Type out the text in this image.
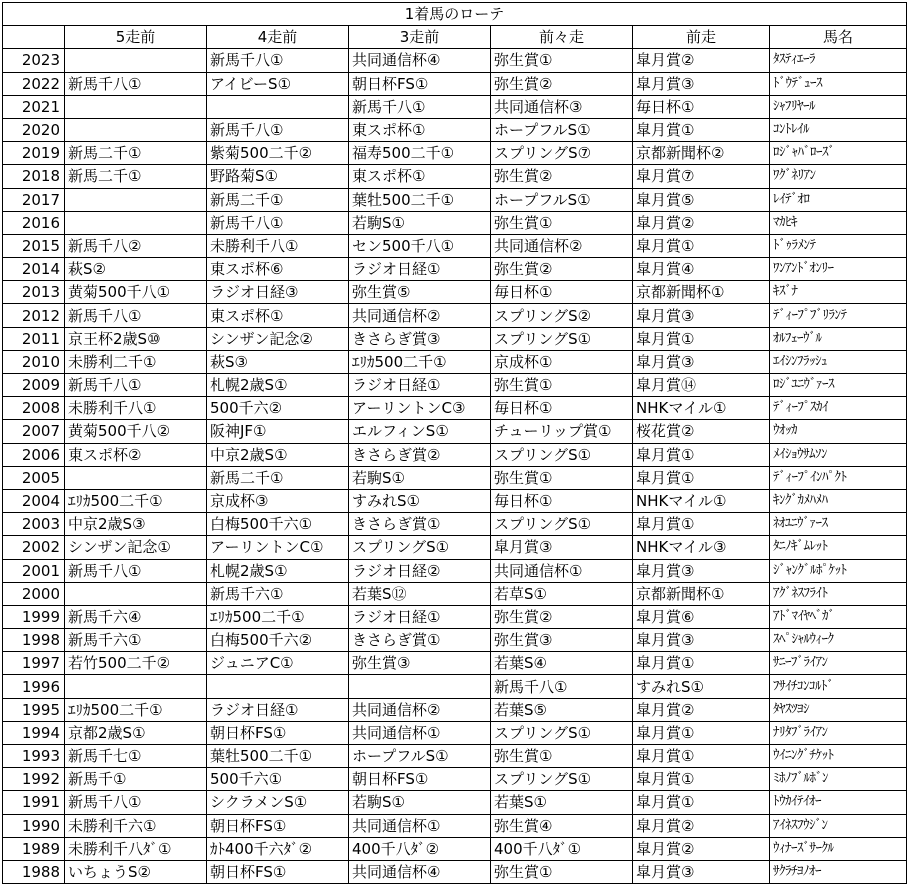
1着馬のローテ						
	5走前	4走前	3走前	前々走	前走	馬名
2023		新馬千八①	共同通信杯④	弥生賞①	皐月賞②	ﾀｽﾃｨｴｰﾗ
2022	新馬千八①	アイビーS①	朝日杯FS①	弥生賞②	皐月賞③	ﾄﾞｳﾃﾞｭｰｽ
2021			新馬千八①	共同通信杯③	毎日杯①	ｼｬﾌﾘﾔｰﾙ
2020		新馬千八①	東スポ杯①	ホープフルS①	皐月賞①	ｺﾝﾄﾚｲﾙ
2019	新馬二千①	紫菊500二千②	福寿500二千①	スプリングS⑦	京都新聞杯②	ﾛｼﾞｬﾊﾞﾛｰｽﾞ
2018	新馬二千①	野路菊S①	東スポ杯①	弥生賞②	皐月賞⑦	ﾜｸﾞﾈﾘｱﾝ
2017		新馬二千①	葉牡500二千①	ホープフルS①	皐月賞⑤	ﾚｲﾃﾞｵﾛ
2016		新馬千八①	若駒S①	弥生賞①	皐月賞②	ﾏｶﾋｷ
2015	新馬千八②	未勝利千八①	セン500千八①	共同通信杯②	皐月賞①	ﾄﾞｩﾗﾒﾝﾃ
2014	萩S②	東スポ杯⑥	ラジオ日経①	弥生賞②	皐月賞④	ﾜﾝｱﾝﾄﾞｵﾝﾘｰ
2013	黄菊500千八①	ラジオ日経③	弥生賞⑤	毎日杯①	京都新聞杯①	ｷｽﾞﾅ
2012	新馬千八①	東スポ杯①	共同通信杯②	スプリングS②	皐月賞③	ﾃﾞｨｰﾌﾟﾌﾞﾘﾗﾝﾃ
2011	京王杯2歳S⑩	シンザン記念②	きさらぎ賞③	スプリングS①	皐月賞①	ｵﾙﾌｪｰｳﾞﾙ
2010	未勝利二千①	萩S③	ｴﾘｶ500二千①	京成杯①	皐月賞③	ｴｲｼﾝﾌﾗｯｼｭ
2009	新馬千八①	札幌2歳S①	ラジオ日経①	弥生賞①	皐月賞⑭	ﾛｼﾞﾕﾆｳﾞｧｰｽ
2008	未勝利千八①	500千六②	アーリントンC③	毎日杯①	NHKマイル①	ﾃﾞｨｰﾌﾟｽｶｲ
2007	黄菊500千八②	阪神JF①	エルフィンS①	チューリップ賞①	桜花賞②	ｳｵｯｶ
2006	東スポ杯②	中京2歳S①	きさらぎ賞②	スプリングS①	皐月賞①	ﾒｲｼｮｳｻﾑｿﾝ
2005		新馬二千①	若駒S①	弥生賞①	皐月賞①	ﾃﾞｨｰﾌﾟｲﾝﾊﾟｸﾄ
2004	ｴﾘｶ500二千①	京成杯③	すみれS①	毎日杯①	NHKマイル①	ｷﾝｸﾞｶﾒﾊﾒﾊ
2003	中京2歳S③	白梅500千六①	きさらぎ賞①	スプリングS①	皐月賞①	ﾈｵﾕﾆｳﾞｧｰｽ
2002	シンザン記念①	アーリントンC①	スプリングS①	皐月賞③	NHKマイル③	ﾀﾆﾉｷﾞﾑﾚｯﾄ
2001	新馬千八①	札幌2歳S①	ラジオ日経②	共同通信杯①	皐月賞③	ｼﾞｬﾝｸﾞﾙﾎﾟｹｯﾄ
2000		新馬千六①	若葉S⑫	若草S①	京都新聞杯①	ｱｸﾞﾈｽﾌﾗｲﾄ
1999	新馬千六④	ｴﾘｶ500二千①	ラジオ日経①	弥生賞②	皐月賞⑥	ｱﾄﾞﾏｲﾔﾍﾞｶﾞ
1998	新馬千六①	白梅500千六②	きさらぎ賞①	弥生賞③	皐月賞③	ｽﾍﾟｼｬﾙｳｨｰｸ
1997	若竹500二千②	ジュニアC①	弥生賞③	若葉S④	皐月賞①	ｻﾆｰﾌﾞﾗｲｱﾝ
1996				新馬千八①	すみれS①	ﾌｻｲﾁｺﾝｺﾙﾄﾞ
1995	ｴﾘｶ500二千①	ラジオ日経①	共同通信杯②	若葉S⑤	皐月賞②	ﾀﾔｽﾂﾖｼ
1994	京都2歳S①	朝日杯FS①	共同通信杯①	スプリングS①	皐月賞①	ﾅﾘﾀﾌﾞﾗｲｱﾝ
1993	新馬千七①	葉牡500二千①	ホープフルS①	弥生賞①	皐月賞①	ｳｲﾆﾝｸﾞﾁｹｯﾄ
1992	新馬千①	500千六①	朝日杯FS①	スプリングS①	皐月賞①	ﾐﾎﾉﾌﾞﾙﾎﾞﾝ
1991	新馬千八①	シクラメンS①	若駒S①	若葉S①	皐月賞①	ﾄｳｶｲﾃｲｵｰ
1990	未勝利千六①	朝日杯FS①	共同通信杯①	弥生賞④	皐月賞②	ｱｲﾈｽﾌｳｼﾞﾝ
1989	未勝利千八ﾀﾞ①	ｶﾄ400千六ﾀﾞ②	400千八ﾀﾞ②	400千八ﾀﾞ①	皐月賞②	ｳｨﾅｰｽﾞｻｰｸﾙ
1988	いちょうS②	朝日杯FS①	共同通信杯④	弥生賞①	皐月賞③	ｻｸﾗﾁﾖﾉｵｰ
